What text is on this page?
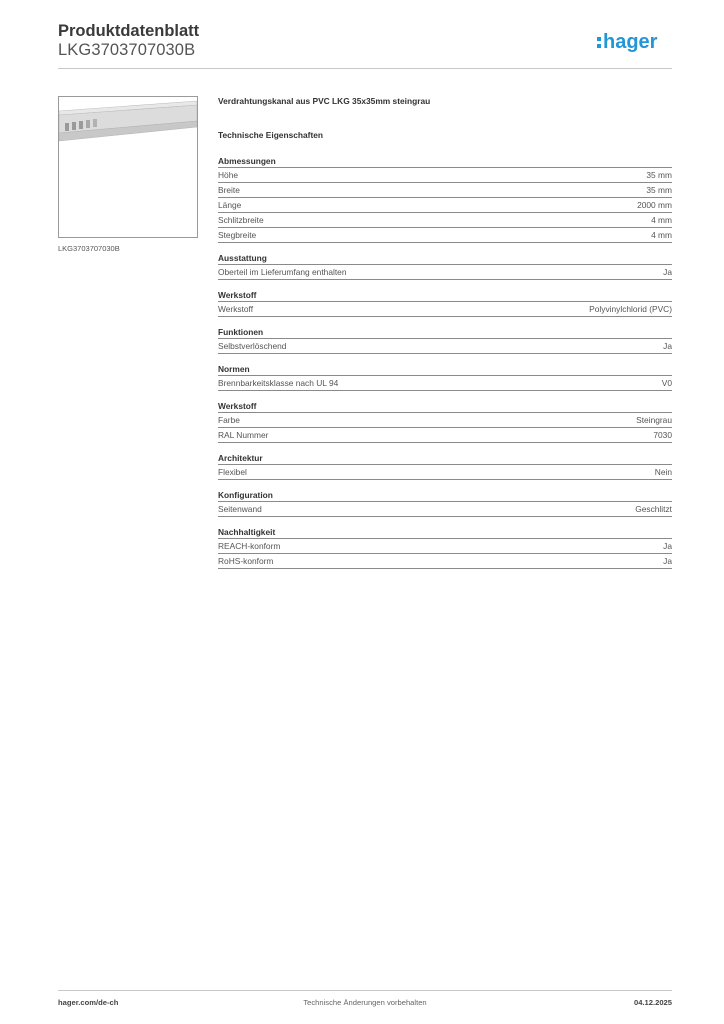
Produktdatenblatt
LKG3703707030B	hager
LKG3703707030B
Verdrahtungskanal aus PVC LKG 35x35mm steingrau
Technische Eigenschaften
Abmessungen
Höhe	35 mm
Breite	35 mm
Länge	2000 mm
Schlitzbreite	4 mm
Stegbreite	4 mm
Ausstattung
Oberteil im Lieferumfang enthalten	Ja
Werkstoff
Werkstoff	Polyvinylchlorid (PVC)
Funktionen
Selbstverlöschend	Ja
Normen
Brennbarkeitsklasse nach UL 94	V0
Werkstoff
Farbe	Steingrau
RAL Nummer	7030
Architektur
Flexibel	Nein
Konfiguration
Seitenwand	Geschlitzt
Nachhaltigkeit
REACH-konform	Ja
RoHS-konform	Ja
hager.com/de-ch	Technische Änderungen vorbehalten	04.12.2025
